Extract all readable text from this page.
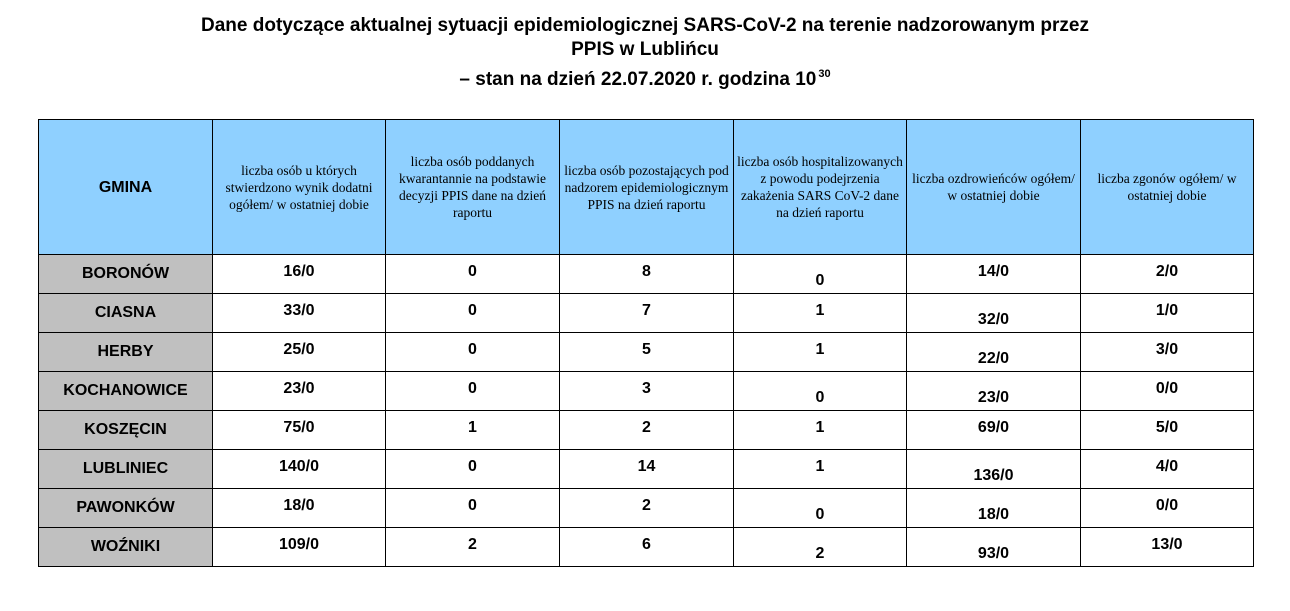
Dane dotyczące aktualnej sytuacji epidemiologicznej SARS-CoV-2 na terenie nadzorowanym przez
PPIS w Lublińcu
– stan na dzień 22.07.2020 r. godzina 10 $^{30}$
GMINA	liczba osób u których stwierdzono wynik dodatni ogółem/ w ostatniej dobie	liczba osób poddanych kwarantannie na podstawie decyzji PPIS dane na dzień raportu	liczba osób pozostających pod nadzorem epidemiologicznym PPIS na dzień raportu	liczba osób hospitalizowanych z powodu podejrzenia zakażenia SARS CoV-2 dane na dzień raportu	liczba ozdrowieńców ogółem/ w ostatniej dobie	liczba zgonów ogółem/ w ostatniej dobie
BORONÓW	16/0	0	8	0	14/0	2/0
CIASNA	33/0	0	7	1	32/0	1/0
HERBY	25/0	0	5	1	22/0	3/0
KOCHANOWICE	23/0	0	3	0	23/0	0/0
KOSZĘCIN	75/0	1	2	1	69/0	5/0
LUBLINIEC	140/0	0	14	1	136/0	4/0
PAWONKÓW	18/0	0	2	0	18/0	0/0
WOŹNIKI	109/0	2	6	2	93/0	13/0
